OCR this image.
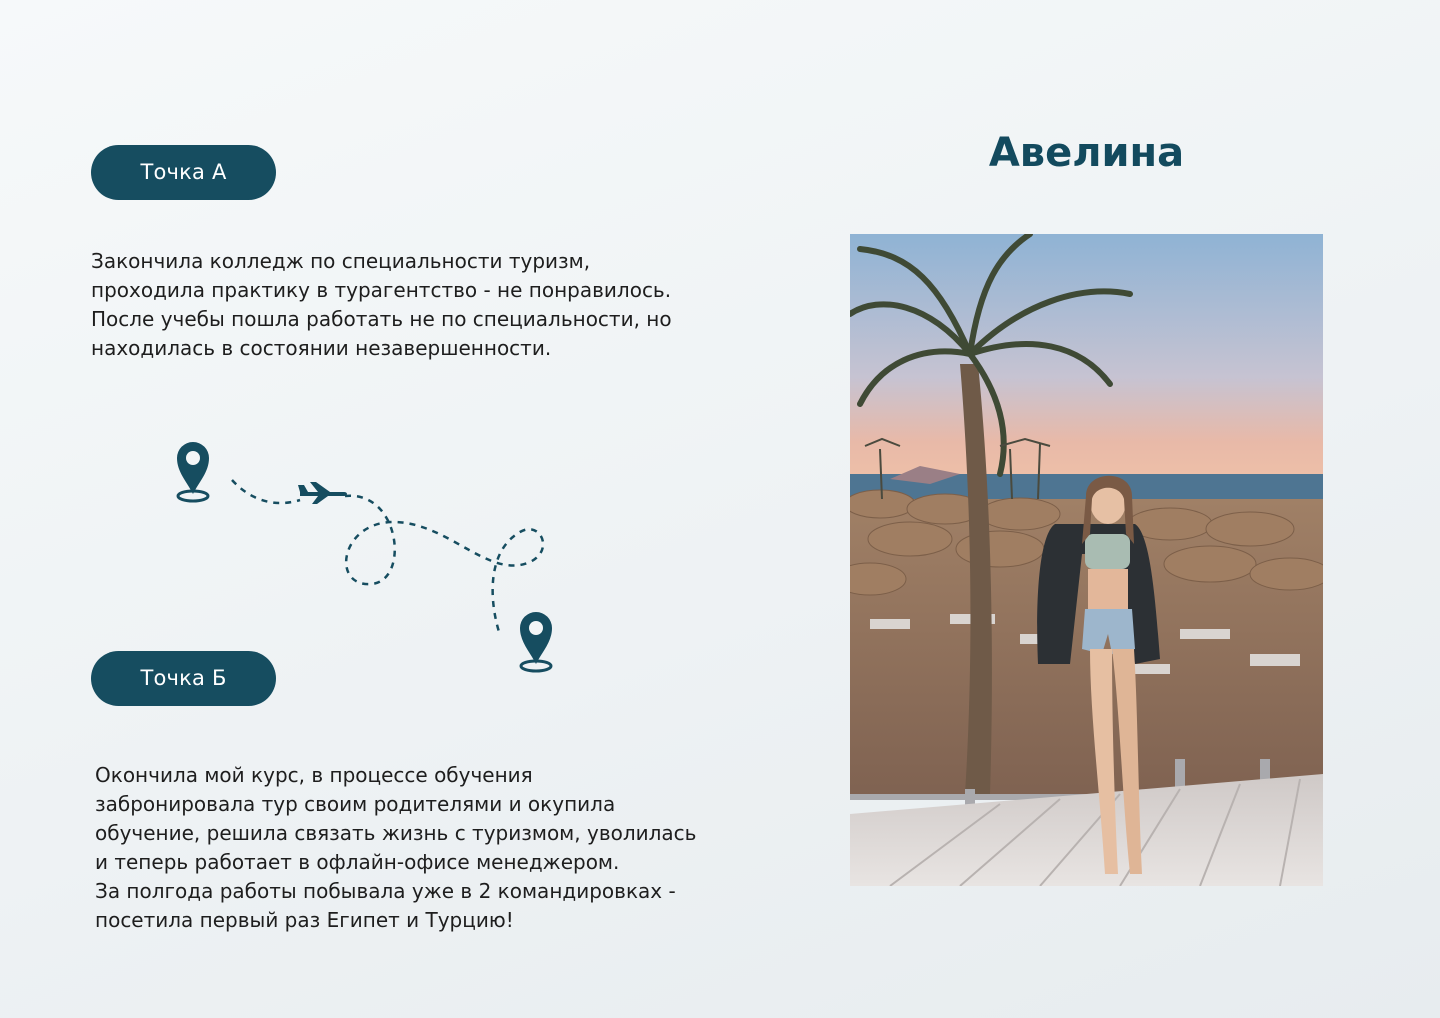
Точка А

Закончила колледж по специальности туризм,
проходила практику в турагентство - не понравилось.
После учебы пошла работать не по специальности, но
находилась в состоянии незавершенности.

Точка Б

Окончила мой курс, в процессе обучения
забронировала тур своим родителями и окупила
обучение, решила связать жизнь с туризмом, уволилась
и теперь работает в офлайн-офисе менеджером.
За полгода работы побывала уже в 2 командировках -
посетила первый раз Египет и Турцию!

Авелина
